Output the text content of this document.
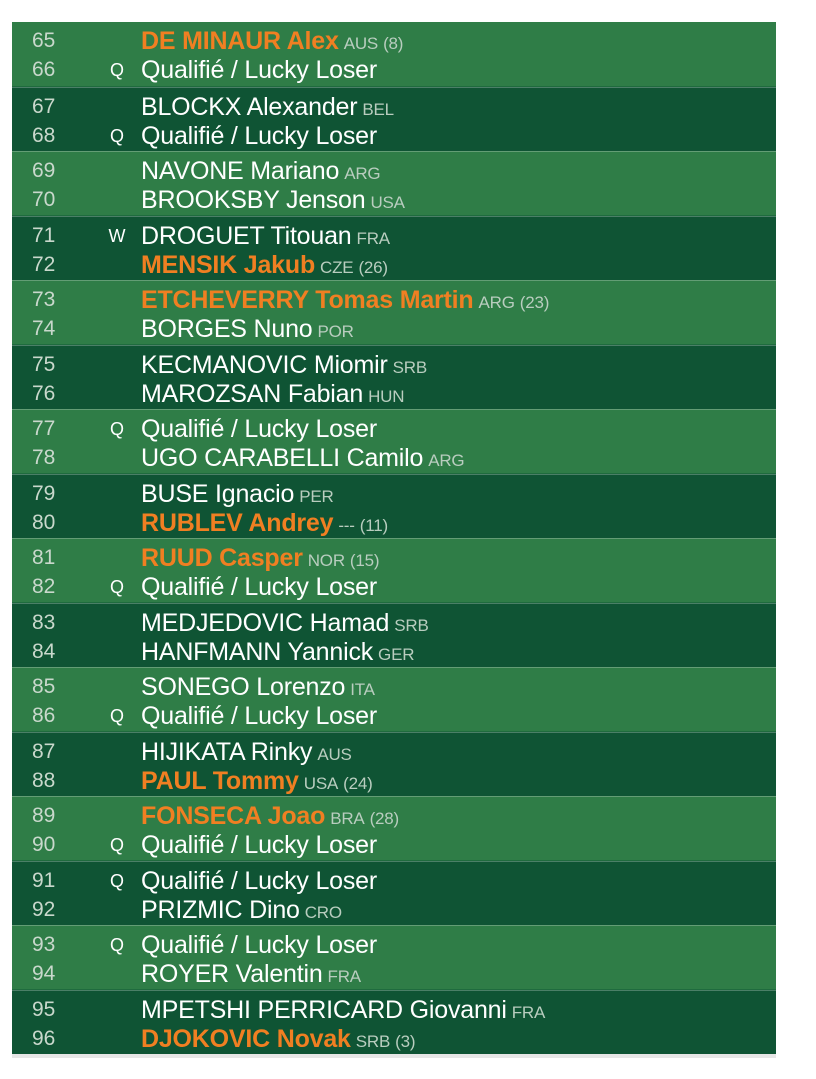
65	DE MINAUR Alex AUS (8)
66	Q Qualifié / Lucky Loser
67	BLOCKX Alexander BEL
68	Q Qualifié / Lucky Loser
69	NAVONE Mariano ARG
70	BROOKSBY Jenson USA
71	W DROGUET Titouan FRA
72	MENSIK Jakub CZE (26)
73	ETCHEVERRY Tomas Martin ARG (23)
74	BORGES Nuno POR
75	KECMANOVIC Miomir SRB
76	MAROZSAN Fabian HUN
77	Q Qualifié / Lucky Loser
78	UGO CARABELLI Camilo ARG
79	BUSE Ignacio PER
80	RUBLEV Andrey --- (11)
81	RUUD Casper NOR (15)
82	Q Qualifié / Lucky Loser
83	MEDJEDOVIC Hamad SRB
84	HANFMANN Yannick GER
85	SONEGO Lorenzo ITA
86	Q Qualifié / Lucky Loser
87	HIJIKATA Rinky AUS
88	PAUL Tommy USA (24)
89	FONSECA Joao BRA (28)
90	Q Qualifié / Lucky Loser
91	Q Qualifié / Lucky Loser
92	PRIZMIC Dino CRO
93	Q Qualifié / Lucky Loser
94	ROYER Valentin FRA
95	MPETSHI PERRICARD Giovanni FRA
96	DJOKOVIC Novak SRB (3)
